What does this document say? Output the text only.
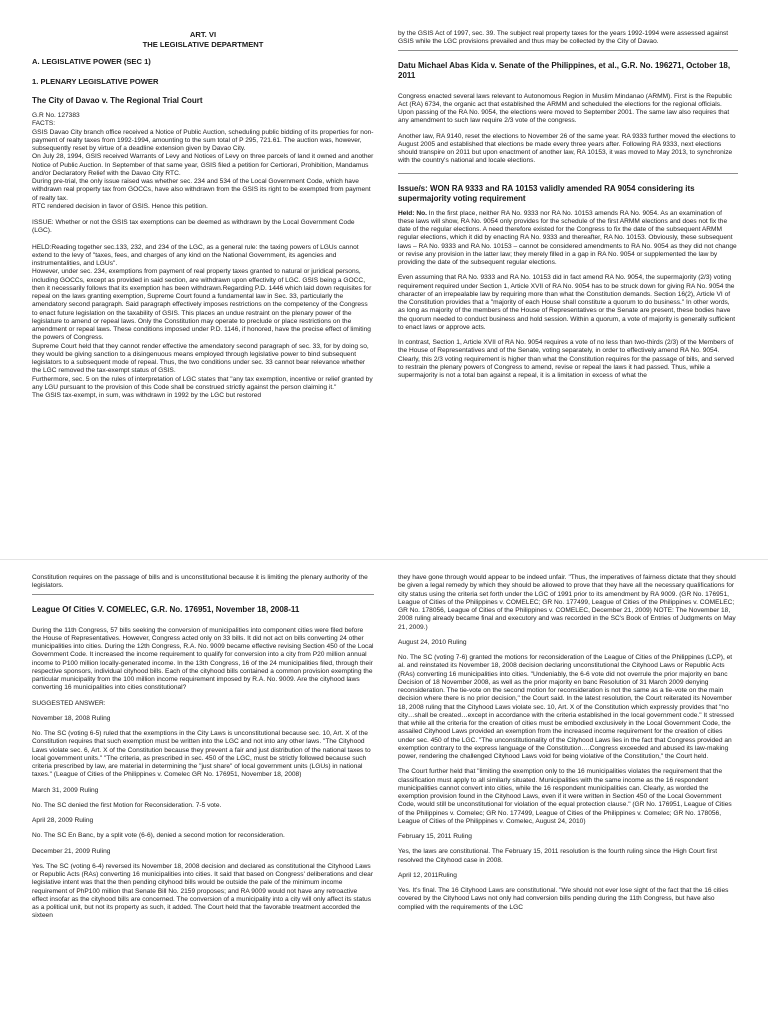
ART. VI

THE LEGISLATIVE DEPARTMENT

A. LEGISLATIVE POWER (SEC 1)

1. PLENARY LEGISLATIVE POWER

The City of Davao v. The Regional Trial Court

G.R No. 127383

FACTS:

GSIS Davao City branch office received a Notice of Public Auction, scheduling public bidding of its properties for non-payment of realty taxes from 1992-1994, amounting to the sum total of P 295, 721.61. The auction was, however, subsequently reset by virtue of a deadline extension given by Davao City.

On July 28, 1994, GSIS received Warrants of Levy and Notices of Levy on three parcels of land it owned and another Notice of Public Auction. In September of that same year, GSIS filed a petition for Certiorari, Prohibition, Mandamus and/or Declaratory Relief with the Davao City RTC.

During pre-trial, the only issue raised was whether sec. 234 and 534 of the Local Government Code, which have withdrawn real property tax from GOCCs, have also withdrawn from the GSIS its right to be exempted from payment of realty tax.

RTC rendered decision in favor of GSIS. Hence this petition.

ISSUE: Whether or not the GSIS tax exemptions can be deemed as withdrawn by the Local Government Code (LGC).

HELD:Reading together sec.133, 232, and 234 of the LGC, as a general rule: the taxing powers of LGUs cannot extend to the levy of "taxes, fees, and charges of any kind on the National Government, its agencies and instrumentalities, and LGUs".

However, under sec. 234, exemptions from payment of real property taxes granted to natural or juridical persons, including GOCCs, except as provided in said section, are withdrawn upon effectivity of LGC. GSIS being a GOCC, then it necessarily follows that its exemption has been withdrawn.Regarding P.D. 1446 which laid down requisites for repeal on the laws granting exemption, Supreme Court found a fundamental law in Sec. 33, particularly the amendatory second paragraph. Said paragraph effectively imposes restrictions on the competency of the Congress to enact future legislation on the taxability of GSIS. This places an undue restraint on the plenary power of the legislature to amend or repeal laws. Only the Constitution may operate to preclude or place restrictions on the amendment or repeal laws. These conditions imposed under P.D. 1146, if honored, have the precise effect of limiting the powers of Congress.

Supreme Court held that they cannot render effective the amendatory second paragraph of sec. 33, for by doing so, they would be giving sanction to a disingenuous means employed through legislative power to bind subsequent legislators to a subsequent mode of repeal. Thus, the two conditions under sec. 33 cannot bear relevance whether the LGC removed the tax-exempt status of GSIS.

Furthermore, sec. 5 on the rules of interpretation of LGC states that "any tax exemption, incentive or relief granted by any LGU pursuant to the provision of this Code shall be construed strictly against the person claiming it."

The GSIS tax-exempt, in sum, was withdrawn in 1992 by the LGC but restored

by the GSIS Act of 1997, sec. 39. The subject real property taxes for the years 1992-1994 were assessed against GSIS while the LGC provisions prevailed and thus may be collected by the City of Davao.

Datu Michael Abas Kida v. Senate of the Philippines, et al., G.R. No. 196271, October 18, 2011

Congress enacted several laws relevant to Autonomous Region in Muslim Mindanao (ARMM). First is the Republic Act (RA) 6734, the organic act that established the ARMM and scheduled the elections for the regional officials. Upon passing of the RA No. 9054, the elections were moved to September 2001. The same law also requires that any amendment to such law require 2/3 vote of the congress.

Another law, RA 9140, reset the elections to November 26 of the same year. RA 9333 further moved the elections to August 2005 and established that elections be made every three years after. Following RA 9333, next elections should transpire on 2011 but upon enactment of another law, RA 10153, it was moved to May 2013, to synchronize with the country's national and locale elections.

Issue/s: WON RA 9333 and RA 10153 validly amended RA 9054 considering its supermajority voting requirement

Held: No. In the first place, neither RA No. 9333 nor RA No. 10153 amends RA No. 9054. As an examination of these laws will show, RA No. 9054 only provides for the schedule of the first ARMM elections and does not fix the date of the regular elections. A need therefore existed for the Congress to fix the date of the subsequent ARMM regular elections, which it did by enacting RA No. 9333 and thereafter, RA No. 10153. Obviously, these subsequent laws – RA No. 9333 and RA No. 10153 – cannot be considered amendments to RA No. 9054 as they did not change or revise any provision in the latter law; they merely filled in a gap in RA No. 9054 or supplemented the law by providing the date of the subsequent regular elections.

Even assuming that RA No. 9333 and RA No. 10153 did in fact amend RA No. 9054, the supermajority (2/3) voting requirement required under Section 1, Article XVII of RA No. 9054 has to be struck down for giving RA No. 9054 the character of an irrepealable law by requiring more than what the Constitution demands. Section 16(2), Article VI of the Constitution provides that a "majority of each House shall constitute a quorum to do business." In other words, as long as majority of the members of the House of Representatives or the Senate are present, these bodies have the quorum needed to conduct business and hold session. Within a quorum, a vote of majority is generally sufficient to enact laws or approve acts.

In contrast, Section 1, Article XVII of RA No. 9054 requires a vote of no less than two-thirds (2/3) of the Members of the House of Representatives and of the Senate, voting separately, in order to effectively amend RA No. 9054. Clearly, this 2/3 voting requirement is higher than what the Constitution requires for the passage of bills, and served to restrain the plenary powers of Congress to amend, revise or repeal the laws it had passed. Thus, while a supermajority is not a total ban against a repeal, it is a limitation in excess of what the

Constitution requires on the passage of bills and is unconstitutional because it is limiting the plenary authority of the legislators.

League Of Cities V. COMELEC, G.R. No. 176951, November 18, 2008-11

During the 11th Congress, 57 bills seeking the conversion of municipalities into component cities were filed before the House of Representatives. However, Congress acted only on 33 bills. It did not act on bills converting 24 other municipalities into cities. During the 12th Congress, R.A. No. 9009 became effective revising Section 450 of the Local Government Code. It increased the income requirement to qualify for conversion into a city from P20 million annual income to P100 million locally-generated income. In the 13th Congress, 16 of the 24 municipalities filed, through their respective sponsors, individual cityhood bills. Each of the cityhood bills contained a common provision exempting the particular municipality from the 100 million income requirement imposed by R.A. No. 9009. Are the cityhood laws converting 16 municipalities into cities constitutional?

SUGGESTED ANSWER:

November 18, 2008 Ruling

No. The SC (voting 6-5) ruled that the exemptions in the City Laws is unconstitutional because sec. 10, Art. X of the Constitution requires that such exemption must be written into the LGC and not into any other laws. "The Cityhood Laws violate sec. 6, Art. X of the Constitution because they prevent a fair and just distribution of the national taxes to local government units." "The criteria, as prescribed in sec. 450 of the LGC, must be strictly followed because such criteria prescribed by law, are material in determining the "just share" of local government units (LGUs) in national taxes." (League of Cities of the Philippines v. Comelec GR No. 176951, November 18, 2008)

March 31, 2009 Ruling

No. The SC denied the first Motion for Reconsideration. 7-5 vote.

April 28, 2009 Ruling

No. The SC En Banc, by a split vote (6-6), denied a second motion for reconsideration.

December 21, 2009 Ruling

Yes. The SC (voting 6-4) reversed its November 18, 2008 decision and declared as constitutional the Cityhood Laws or Republic Acts (RAs) converting 16 municipalities into cities. It said that based on Congress' deliberations and clear legislative intent was that the then pending cityhood bills would be outside the pale of the minimum income requirement of PhP100 million that Senate Bill No. 2159 proposes; and RA 9009 would not have any retroactive effect insofar as the cityhood bills are concerned. The conversion of a municipality into a city will only affect its status as a political unit, but not its property as such, it added. The Court held that the favorable treatment accorded the sixteen

they have gone through would appear to be indeed unfair. "Thus, the imperatives of fairness dictate that they should be given a legal remedy by which they should be allowed to prove that they have all the necessary qualifications for city status using the criteria set forth under the LGC of 1991 prior to its amendment by RA 9009. (GR No. 176951, League of Cities of the Philippines v. COMELEC; GR No. 177499, League of Cities of the Philippines v. COMELEC; GR No. 178056, League of Cities of the Philippines v. COMELEC, December 21, 2009) NOTE: The November 18, 2008 ruling already became final and executory and was recorded in the SC's Book of Entries of Judgments on May 21, 2009.)

August 24, 2010 Ruling

No. The SC (voting 7-6) granted the motions for reconsideration of the League of Cities of the Philippines (LCP), et al. and reinstated its November 18, 2008 decision declaring unconstitutional the Cityhood Laws or Republic Acts (RAs) converting 16 municipalities into cities. "Undeniably, the 6-6 vote did not overrule the prior majority en banc Decision of 18 November 2008, as well as the prior majority en banc Resolution of 31 March 2009 denying reconsideration. The tie-vote on the second motion for reconsideration is not the same as a tie-vote on the main decision where there is no prior decision," the Court said. In the latest resolution, the Court reiterated its November 18, 2008 ruling that the Cityhood Laws violate sec. 10, Art. X of the Constitution which expressly provides that "no city…shall be created…except in accordance with the criteria established in the local government code." It stressed that while all the criteria for the creation of cities must be embodied exclusively in the Local Government Code, the assailed Cityhood Laws provided an exemption from the increased income requirement for the creation of cities under sec. 450 of the LGC. "The unconstitutionality of the Cityhood Laws lies in the fact that Congress provided an exemption contrary to the express language of the Constitution….Congress exceeded and abused its law-making power, rendering the challenged Cityhood Laws void for being violative of the Constitution," the Court held.

The Court further held that "limiting the exemption only to the 16 municipalities violates the requirement that the classification must apply to all similarly situated. Municipalities with the same income as the 16 respondent municipalities cannot convert into cities, while the 16 respondent municipalities can. Clearly, as worded the exemption provision found in the Cityhood Laws, even if it were written in Section 450 of the Local Government Code, would still be unconstitutional for violation of the equal protection clause." (GR No. 176951, League of Cities of the Philippines v. Comelec; GR No. 177499, League of Cities of the Philippines v. Comelec; GR No. 178056, League of Cities of the Philippines v. Comelec, August 24, 2010)

February 15, 2011 Ruling

Yes, the laws are constitutional. The February 15, 2011 resolution is the fourth ruling since the High Court first resolved the Cityhood case in 2008.

April 12, 2011Ruling

Yes. It's final. The 16 Cityhood Laws are constitutional. "We should not ever lose sight of the fact that the 16 cities covered by the Cityhood Laws not only had conversion bills pending during the 11th Congress, but have also complied with the requirements of the LGC
